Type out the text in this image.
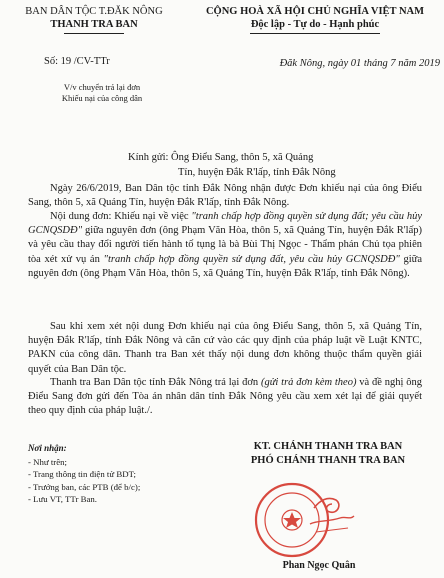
BAN DÂN TỘC T.ĐĂK NÔNG
THANH TRA BAN
CỘNG HOÀ XÃ HỘI CHỦ NGHĨA VIỆT NAM
Độc lập - Tự do - Hạnh phúc
Số: 19 /CV-TTr	Đăk Nông, ngày 01 tháng 7 năm 2019
V/v chuyển trả lại đơn
Khiếu nại của công dân
Kính gửi: Ông Điểu Sang, thôn 5, xã Quảng
Tín, huyện Đắk R'lấp, tỉnh Đắk Nông
Ngày 26/6/2019, Ban Dân tộc tỉnh Đắk Nông nhận được Đơn khiếu nại của ông Điểu Sang, thôn 5, xã Quảng Tín, huyện Đắk R'lấp, tỉnh Đắk Nông.
Nội dung đơn: Khiếu nại về việc "tranh chấp hợp đồng quyền sử dụng đất; yêu cầu hủy GCNQSDĐ" giữa nguyên đơn (ông Phạm Văn Hòa, thôn 5, xã Quảng Tín, huyện Đắk R'lấp) và yêu cầu thay đổi người tiến hành tố tụng là bà Bùi Thị Ngọc - Thẩm phán Chủ tọa phiên tòa xét xử vụ án "tranh chấp hợp đồng quyền sử dụng đất, yêu cầu hủy GCNQSDĐ" giữa nguyên đơn (ông Phạm Văn Hòa, thôn 5, xã Quảng Tín, huyện Đắk R'lấp, tỉnh Đắk Nông).
Sau khi xem xét nội dung Đơn khiếu nại của ông Điểu Sang, thôn 5, xã Quảng Tín, huyện Đắk R'lấp, tỉnh Đắk Nông và căn cứ vào các quy định của pháp luật về Luật KNTC, PAKN của công dân. Thanh tra Ban xét thấy nội dung đơn không thuộc thẩm quyền giải quyết của Ban Dân tộc.
Thanh tra Ban Dân tộc tỉnh Đắk Nông trả lại đơn (gửi trả đơn kèm theo) và đề nghị ông Điểu Sang đơn gửi đến Tòa án nhân dân tỉnh Đắk Nông yêu cầu xem xét lại để giải quyết theo quy định của pháp luật./.
Nơi nhận:
- Như trên;
- Trang thông tin điện tử BDT;
- Trưởng ban, các PTB (để b/c);
- Lưu VT, TTr Ban.
KT. CHÁNH THANH TRA BAN
PHÓ CHÁNH THANH TRA BAN
Phan Ngọc Quân
